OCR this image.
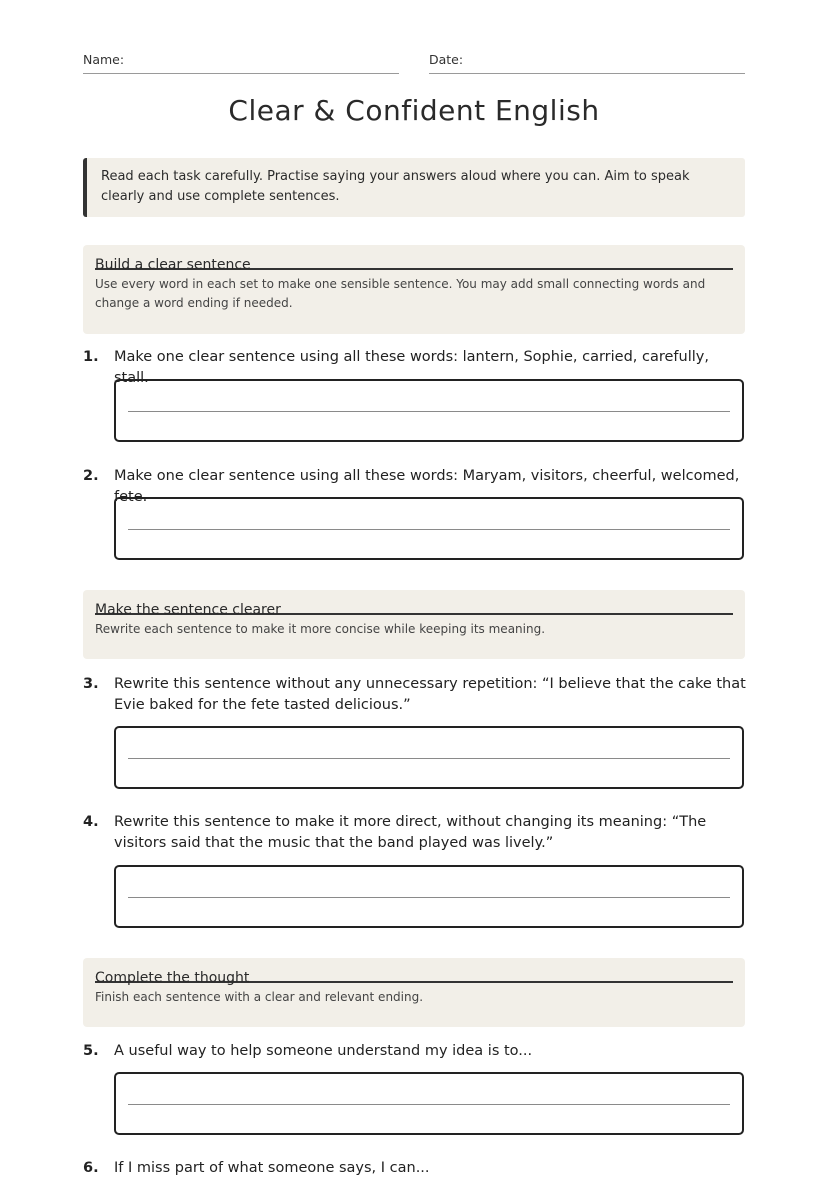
Name:	Date:
Clear & Confident English
Read each task carefully. Practise saying your answers aloud where you can. Aim to speak clearly and use complete sentences.
Build a clear sentence
Use every word in each set to make one sensible sentence. You may add small connecting words and change a word ending if needed.
1. Make one clear sentence using all these words: lantern, Sophie, carried, carefully, stall.
2. Make one clear sentence using all these words: Maryam, visitors, cheerful, welcomed, fete.
Make the sentence clearer
Rewrite each sentence to make it more concise while keeping its meaning.
3. Rewrite this sentence without any unnecessary repetition: “I believe that the cake that Evie baked for the fete tasted delicious.”
4. Rewrite this sentence to make it more direct, without changing its meaning: “The visitors said that the music that the band played was lively.”
Complete the thought
Finish each sentence with a clear and relevant ending.
5. A useful way to help someone understand my idea is to...
6. If I miss part of what someone says, I can...
